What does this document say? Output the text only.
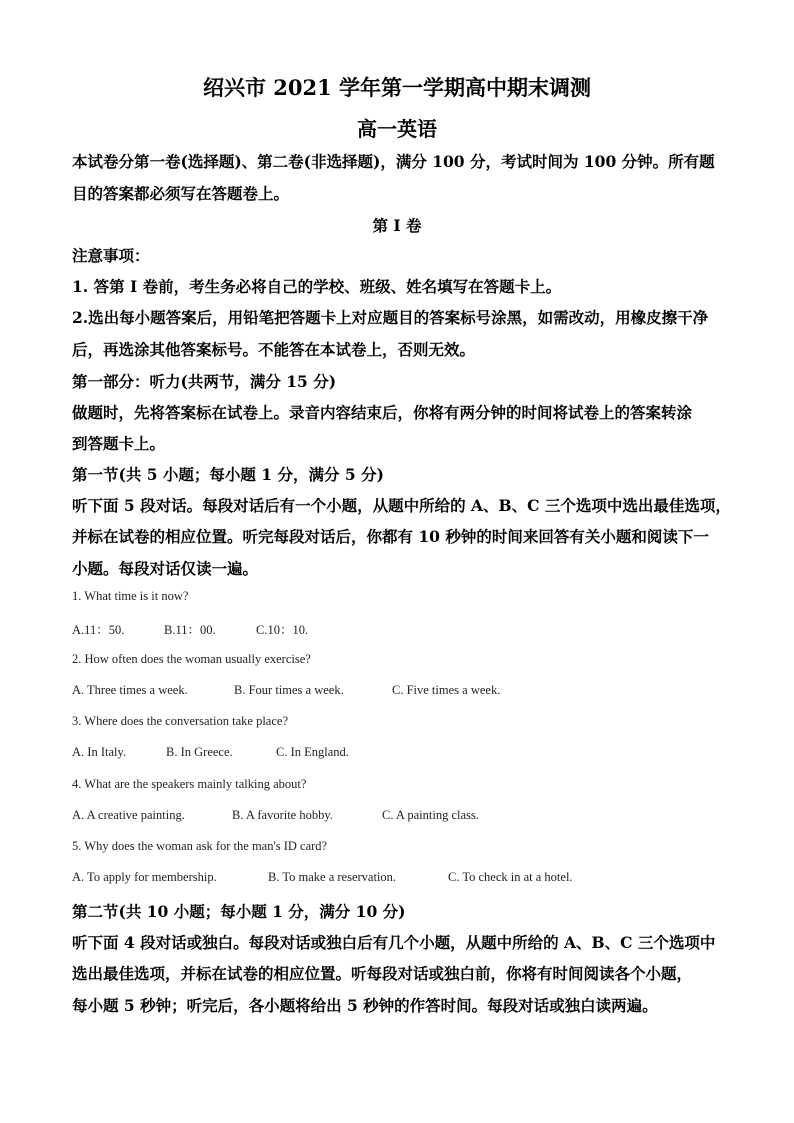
绍兴市 2021 学年第一学期高中期末调测
高一英语
本试卷分第一卷(选择题)、第二卷(非选择题)，满分 100 分，考试时间为 100 分钟。所有题
目的答案都必须写在答题卷上。
第 I 卷
注意事项：
1. 答第 I 卷前，考生务必将自己的学校、班级、姓名填写在答题卡上。
2.选出每小题答案后，用铅笔把答题卡上对应题目的答案标号涂黑，如需改动，用橡皮擦干净
后，再选涂其他答案标号。不能答在本试卷上，否则无效。
第一部分：听力(共两节，满分 15 分)
做题时，先将答案标在试卷上。录音内容结束后，你将有两分钟的时间将试卷上的答案转涂
到答题卡上。
第一节(共 5 小题；每小题 1 分，满分 5 分)
听下面 5 段对话。每段对话后有一个小题，从题中所给的 A、B、C 三个选项中选出最佳选项，
并标在试卷的相应位置。听完每段对话后，你都有 10 秒钟的时间来回答有关小题和阅读下一
小题。每段对话仅读一遍。
1. What time is it now?
A.11：50.	B.11：00.	C.10：10.
2. How often does the woman usually exercise?
A. Three times a week.	B. Four times a week.	C. Five times a week.
3. Where does the conversation take place?
A. In Italy.	B. In Greece.	C. In England.
4. What are the speakers mainly talking about?
A. A creative painting.	B. A favorite hobby.	C. A painting class.
5. Why does the woman ask for the man's ID card?
A. To apply for membership.	B. To make a reservation.	C. To check in at a hotel.
第二节(共 10 小题；每小题 1 分，满分 10 分)
听下面 4 段对话或独白。每段对话或独白后有几个小题，从题中所给的 A、B、C 三个选项中
选出最佳选项，并标在试卷的相应位置。听每段对话或独白前，你将有时间阅读各个小题，
每小题 5 秒钟；听完后，各小题将给出 5 秒钟的作答时间。每段对话或独白读两遍。
